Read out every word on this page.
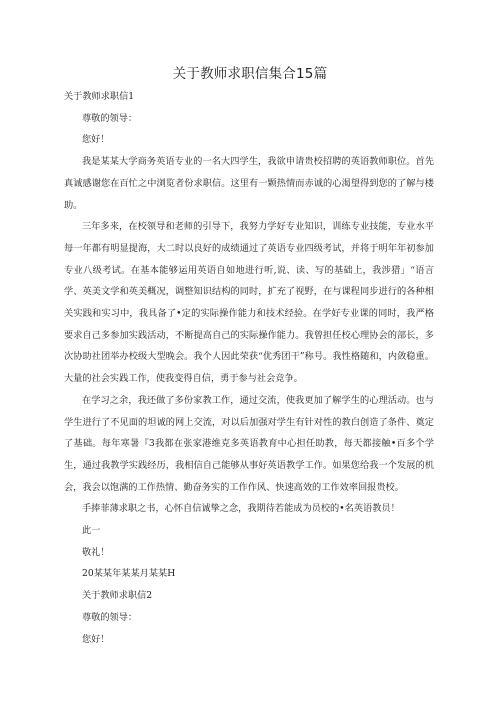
关于教师求职信集合15篇

关于教师求职信1

尊敬的领导：

您好！

我是某某大学商务英语专业的一名大四学生，我欲申请贵校招聘的英语教师职位。首先真诚感谢您在百忙之中浏览者份求职信。这里有一颗热情而赤诚的心渴望得到您的了解与楼助。

三年多来，在校领导和老师的引导下，我努力学好专业知识，训练专业技能，专业水平每一年都有明显提海，大二时以良好的成绩通过了英语专业四级考试，并将于明年年初参加专业八级考试。在基本能够运用英语自如地进行听,说、读、写的基础上，我涉猎」“语言学、英美文学和英美概况，调整知识结构的同时，扩充了视野，在与课程同步进行的各种相关实践和实习中，我具备了•定的实际操作能力和技术经验。在学好专业课的同时，我严格要求自己多参加实践活动，不断提高自己的实际操作能力。我曾担任校心理协会的部长，多次协助社团举办校级大型晚会。我个人因此荣获“优秀团干”称号。我性格随和，内敛稳重。大量的社会实践工作，使我变得自信，勇于参与社会竞争。

在学习之余，我还做了多份家教工作，通过交流，使我更加了解学生的心理活动。也与学生进行了不见面的坦诚的网上交流，对以后加强对学生有针对性的教白创造了条件、奠定了基础。每年寒暑『3我都在张家港维克多英语教育中心担任助教，每天都接触•百多个学生，通过我教学实践经历，我相信自己能够从事好英语教学工作。如果您给我一个发展的机会，我会以饱满的工作热情、勤奋务实的工作作风、快速高效的工作效率回报贵校。

手捧菲薄求职之书，心怀自信诚挚之念，我期待若能成为员校的•名英语教员！

此一

敬礼！

20某某年某某月某某H

关于教师求职信2

尊敬的领导：

您好！
